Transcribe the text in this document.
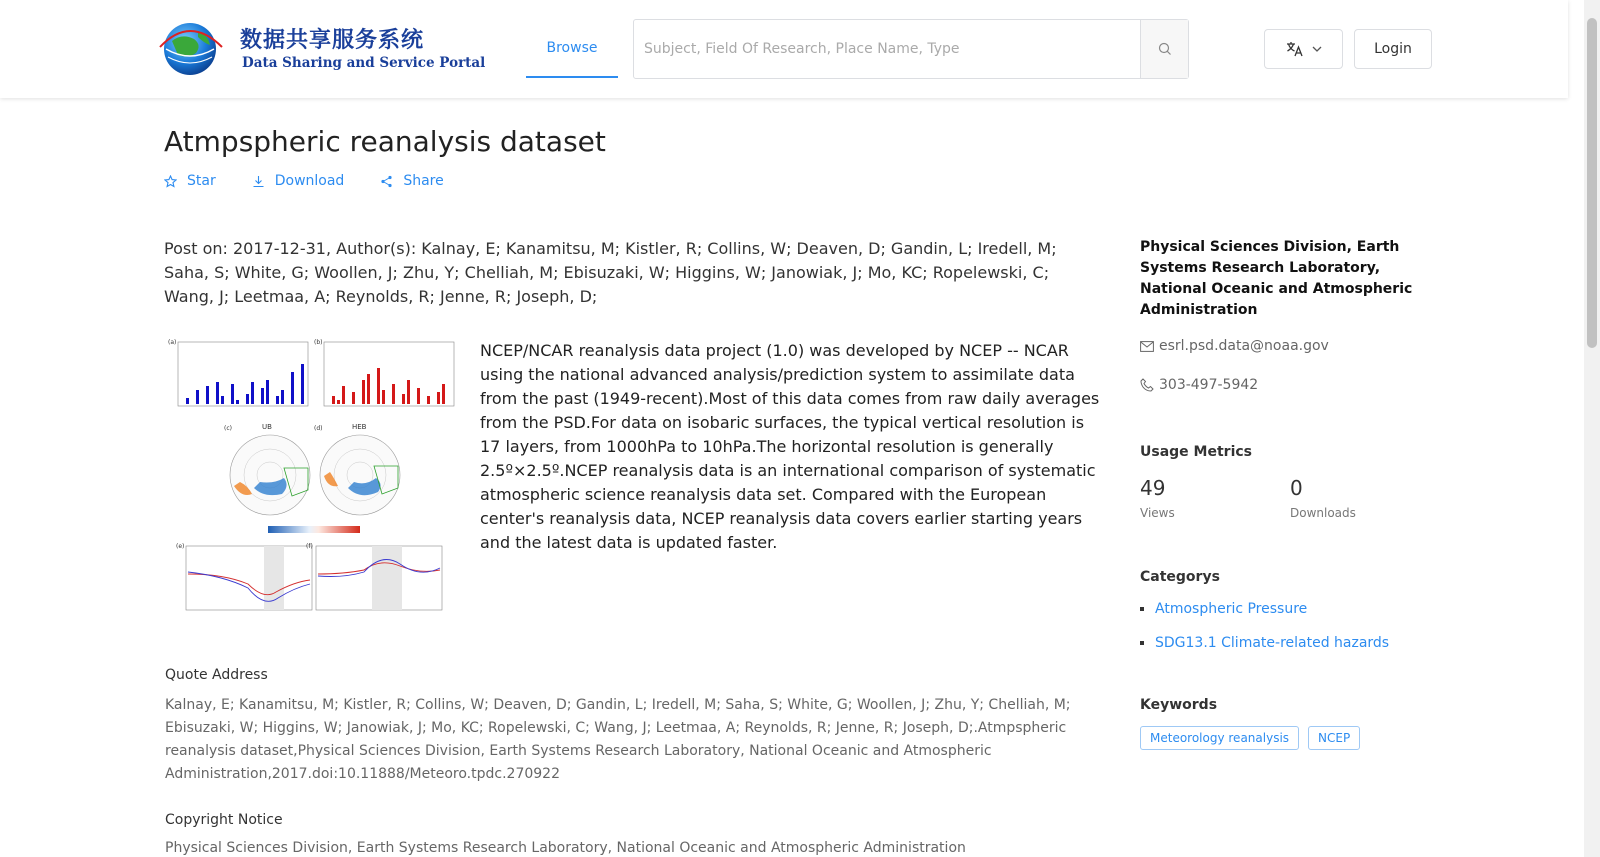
数据共享服务系统
Data Sharing and Service Portal
Browse
Subject, Field Of Research, Place Name, Type	Login
Atmpspheric reanalysis dataset
Star	Download	Share

Post on: 2017-12-31, Author(s): Kalnay, E; Kanamitsu, M; Kistler, R; Collins, W; Deaven, D; Gandin, L; Iredell, M; Saha, S; White, G; Woollen, J; Zhu, Y; Chelliah, M; Ebisuzaki, W; Higgins, W; Janowiak, J; Mo, KC; Ropelewski, C; Wang, J; Leetmaa, A; Reynolds, R; Jenne, R; Joseph, D;

(a)	(b)
UB	HEB
(e)	(f)
(c)	(d)

NCEP/NCAR reanalysis data project (1.0) was developed by NCEP -- NCAR using the national advanced analysis/prediction system to assimilate data from the past (1949-recent).Most of this data comes from raw daily averages from the PSD.For data on isobaric surfaces, the typical vertical resolution is 17 layers, from 1000hPa to 10hPa.The horizontal resolution is generally 2.5º×2.5º.NCEP reanalysis data is an international comparison of systematic atmospheric science reanalysis data set. Compared with the European center's reanalysis data, NCEP reanalysis data covers earlier starting years and the latest data is updated faster.

Quote Address

Kalnay, E; Kanamitsu, M; Kistler, R; Collins, W; Deaven, D; Gandin, L; Iredell, M; Saha, S; White, G; Woollen, J; Zhu, Y; Chelliah, M; Ebisuzaki, W; Higgins, W; Janowiak, J; Mo, KC; Ropelewski, C; Wang, J; Leetmaa, A; Reynolds, R; Jenne, R; Joseph, D;.Atmpspheric reanalysis dataset,Physical Sciences Division, Earth Systems Research Laboratory, National Oceanic and Atmospheric Administration,2017.doi:10.11888/Meteoro.tpdc.270922

Copyright Notice

Physical Sciences Division, Earth Systems Research Laboratory, National Oceanic and Atmospheric Administration

Physical Sciences Division, Earth Systems Research Laboratory, National Oceanic and Atmospheric Administration
esrl.psd.data@noaa.gov
303-497-5942
Usage Metrics
49
Views
0
Downloads
Categorys
Atmospheric Pressure
SDG13.1 Climate-related hazards
Keywords
Meteorology reanalysis	NCEP
